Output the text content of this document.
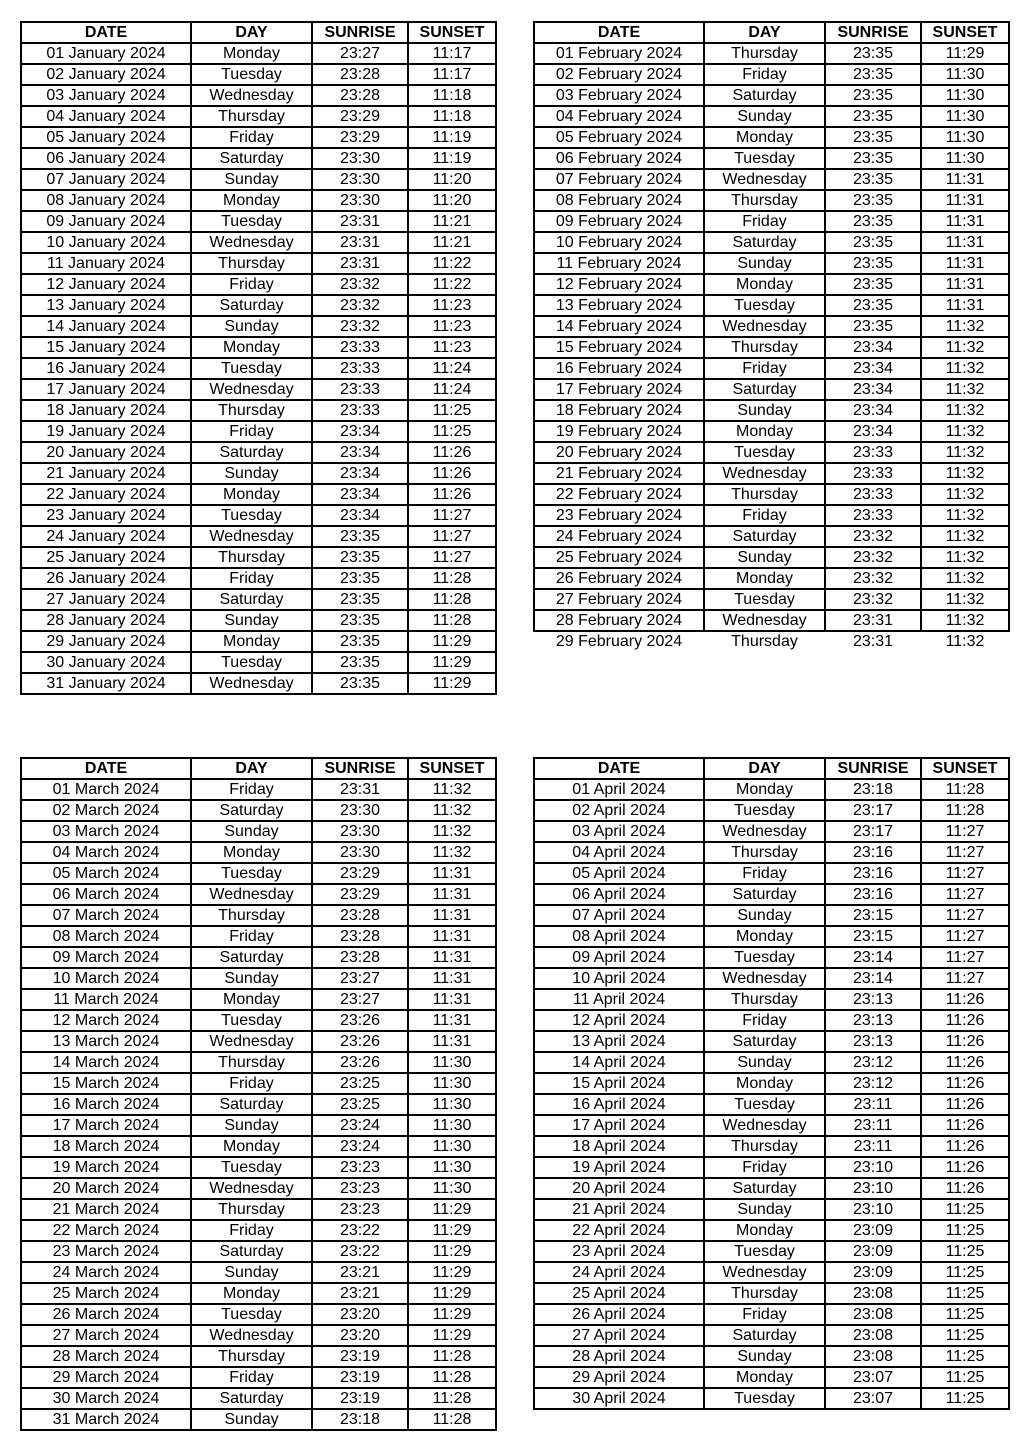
DATE	DAY	SUNRISE	SUNSET
01 January 2024	Monday	23:27	11:17
02 January 2024	Tuesday	23:28	11:17
03 January 2024	Wednesday	23:28	11:18
04 January 2024	Thursday	23:29	11:18
05 January 2024	Friday	23:29	11:19
06 January 2024	Saturday	23:30	11:19
07 January 2024	Sunday	23:30	11:20
08 January 2024	Monday	23:30	11:20
09 January 2024	Tuesday	23:31	11:21
10 January 2024	Wednesday	23:31	11:21
11 January 2024	Thursday	23:31	11:22
12 January 2024	Friday	23:32	11:22
13 January 2024	Saturday	23:32	11:23
14 January 2024	Sunday	23:32	11:23
15 January 2024	Monday	23:33	11:23
16 January 2024	Tuesday	23:33	11:24
17 January 2024	Wednesday	23:33	11:24
18 January 2024	Thursday	23:33	11:25
19 January 2024	Friday	23:34	11:25
20 January 2024	Saturday	23:34	11:26
21 January 2024	Sunday	23:34	11:26
22 January 2024	Monday	23:34	11:26
23 January 2024	Tuesday	23:34	11:27
24 January 2024	Wednesday	23:35	11:27
25 January 2024	Thursday	23:35	11:27
26 January 2024	Friday	23:35	11:28
27 January 2024	Saturday	23:35	11:28
28 January 2024	Sunday	23:35	11:28
29 January 2024	Monday	23:35	11:29
30 January 2024	Tuesday	23:35	11:29
31 January 2024	Wednesday	23:35	11:29
DATE	DAY	SUNRISE	SUNSET
01 February 2024	Thursday	23:35	11:29
02 February 2024	Friday	23:35	11:30
03 February 2024	Saturday	23:35	11:30
04 February 2024	Sunday	23:35	11:30
05 February 2024	Monday	23:35	11:30
06 February 2024	Tuesday	23:35	11:30
07 February 2024	Wednesday	23:35	11:31
08 February 2024	Thursday	23:35	11:31
09 February 2024	Friday	23:35	11:31
10 February 2024	Saturday	23:35	11:31
11 February 2024	Sunday	23:35	11:31
12 February 2024	Monday	23:35	11:31
13 February 2024	Tuesday	23:35	11:31
14 February 2024	Wednesday	23:35	11:32
15 February 2024	Thursday	23:34	11:32
16 February 2024	Friday	23:34	11:32
17 February 2024	Saturday	23:34	11:32
18 February 2024	Sunday	23:34	11:32
19 February 2024	Monday	23:34	11:32
20 February 2024	Tuesday	23:33	11:32
21 February 2024	Wednesday	23:33	11:32
22 February 2024	Thursday	23:33	11:32
23 February 2024	Friday	23:33	11:32
24 February 2024	Saturday	23:32	11:32
25 February 2024	Sunday	23:32	11:32
26 February 2024	Monday	23:32	11:32
27 February 2024	Tuesday	23:32	11:32
28 February 2024	Wednesday	23:31	11:32
29 February 2024	Thursday	23:31	11:32
DATE	DAY	SUNRISE	SUNSET
01 March 2024	Friday	23:31	11:32
02 March 2024	Saturday	23:30	11:32
03 March 2024	Sunday	23:30	11:32
04 March 2024	Monday	23:30	11:32
05 March 2024	Tuesday	23:29	11:31
06 March 2024	Wednesday	23:29	11:31
07 March 2024	Thursday	23:28	11:31
08 March 2024	Friday	23:28	11:31
09 March 2024	Saturday	23:28	11:31
10 March 2024	Sunday	23:27	11:31
11 March 2024	Monday	23:27	11:31
12 March 2024	Tuesday	23:26	11:31
13 March 2024	Wednesday	23:26	11:31
14 March 2024	Thursday	23:26	11:30
15 March 2024	Friday	23:25	11:30
16 March 2024	Saturday	23:25	11:30
17 March 2024	Sunday	23:24	11:30
18 March 2024	Monday	23:24	11:30
19 March 2024	Tuesday	23:23	11:30
20 March 2024	Wednesday	23:23	11:30
21 March 2024	Thursday	23:23	11:29
22 March 2024	Friday	23:22	11:29
23 March 2024	Saturday	23:22	11:29
24 March 2024	Sunday	23:21	11:29
25 March 2024	Monday	23:21	11:29
26 March 2024	Tuesday	23:20	11:29
27 March 2024	Wednesday	23:20	11:29
28 March 2024	Thursday	23:19	11:28
29 March 2024	Friday	23:19	11:28
30 March 2024	Saturday	23:19	11:28
31 March 2024	Sunday	23:18	11:28
DATE	DAY	SUNRISE	SUNSET
01 April 2024	Monday	23:18	11:28
02 April 2024	Tuesday	23:17	11:28
03 April 2024	Wednesday	23:17	11:27
04 April 2024	Thursday	23:16	11:27
05 April 2024	Friday	23:16	11:27
06 April 2024	Saturday	23:16	11:27
07 April 2024	Sunday	23:15	11:27
08 April 2024	Monday	23:15	11:27
09 April 2024	Tuesday	23:14	11:27
10 April 2024	Wednesday	23:14	11:27
11 April 2024	Thursday	23:13	11:26
12 April 2024	Friday	23:13	11:26
13 April 2024	Saturday	23:13	11:26
14 April 2024	Sunday	23:12	11:26
15 April 2024	Monday	23:12	11:26
16 April 2024	Tuesday	23:11	11:26
17 April 2024	Wednesday	23:11	11:26
18 April 2024	Thursday	23:11	11:26
19 April 2024	Friday	23:10	11:26
20 April 2024	Saturday	23:10	11:26
21 April 2024	Sunday	23:10	11:25
22 April 2024	Monday	23:09	11:25
23 April 2024	Tuesday	23:09	11:25
24 April 2024	Wednesday	23:09	11:25
25 April 2024	Thursday	23:08	11:25
26 April 2024	Friday	23:08	11:25
27 April 2024	Saturday	23:08	11:25
28 April 2024	Sunday	23:08	11:25
29 April 2024	Monday	23:07	11:25
30 April 2024	Tuesday	23:07	11:25
